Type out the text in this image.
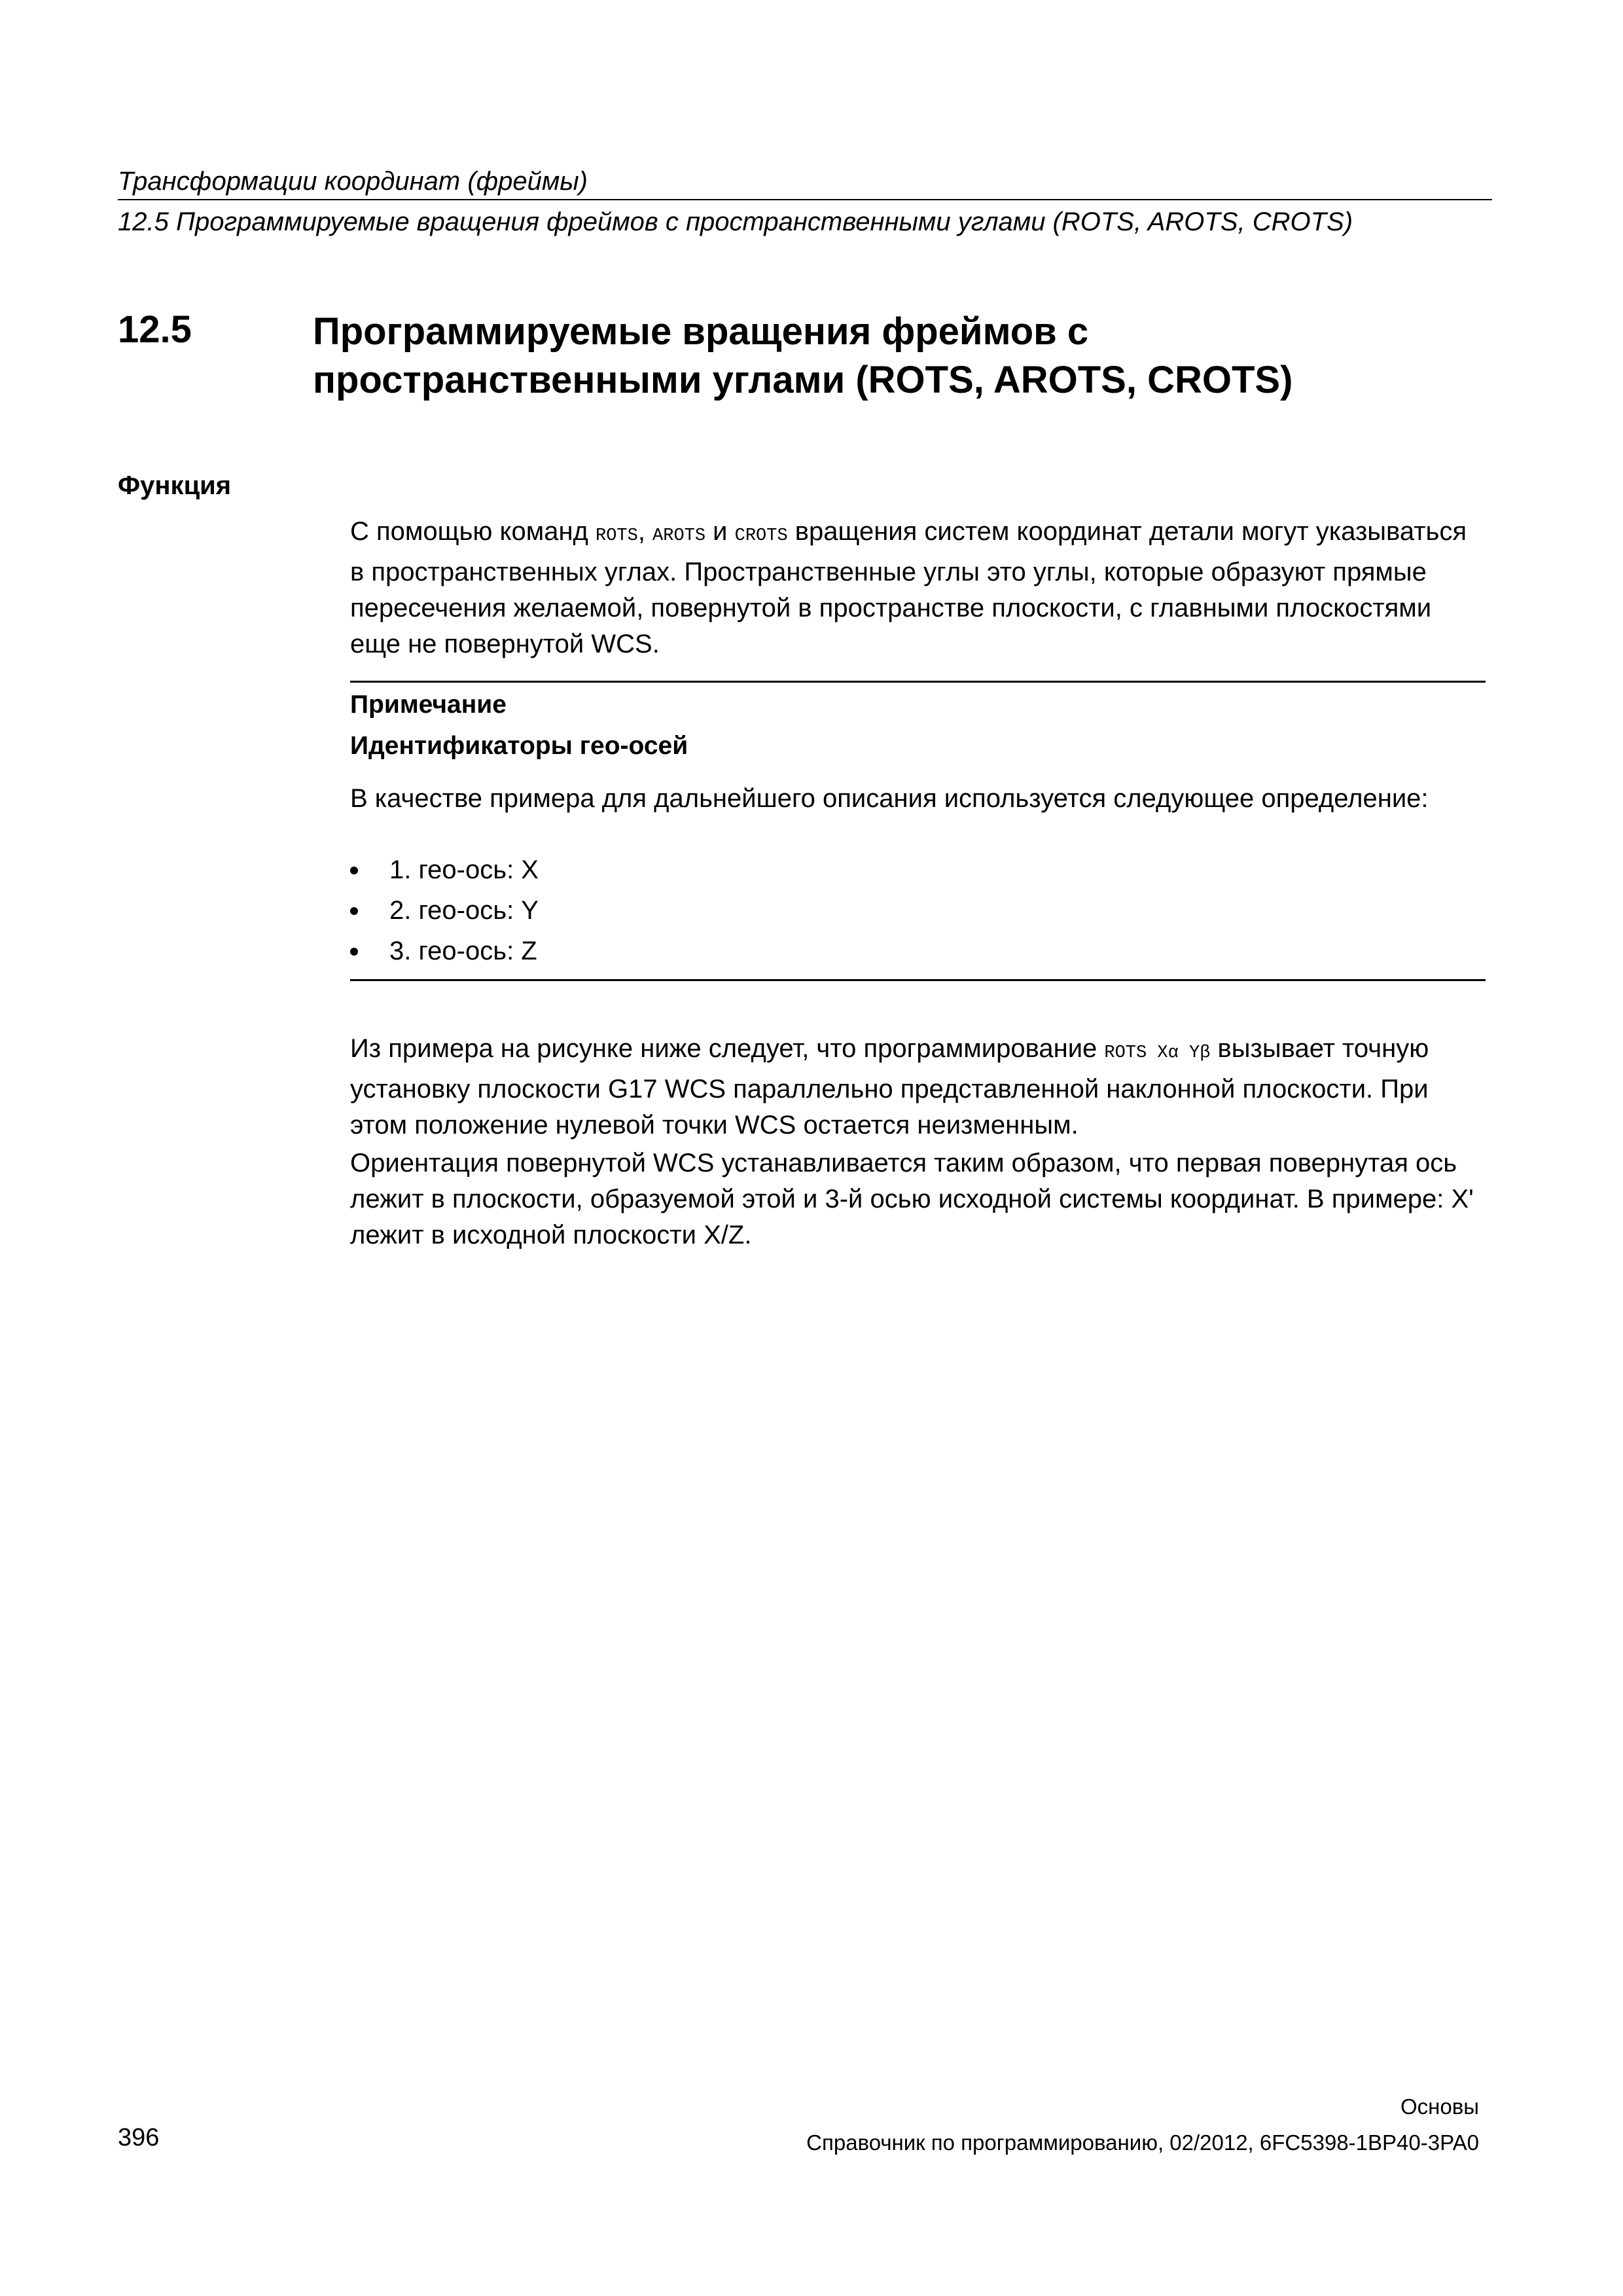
Трансформации координат (фреймы)
12.5 Программируемые вращения фреймов с пространственными углами (ROTS, AROTS, CROTS)
12.5	Программируемые вращения фреймов с пространственными углами (ROTS, AROTS, CROTS)
Функция
С помощью команд ROTS, AROTS и CROTS вращения систем координат детали могут указываться в пространственных углах. Пространственные углы это углы, которые образуют прямые пересечения желаемой, повернутой в пространстве плоскости, с главными плоскостями еще не повернутой WCS.
Примечание
Идентификаторы гео-осей
В качестве примера для дальнейшего описания используется следующее определение:
1. гео-ось: X
2. гео-ось: Y
3. гео-ось: Z
Из примера на рисунке ниже следует, что программирование ROTS Xα Yβ вызывает точную установку плоскости G17 WCS параллельно представленной наклонной плоскости. При этом положение нулевой точки WCS остается неизменным.
Ориентация повернутой WCS устанавливается таким образом, что первая повернутая ось лежит в плоскости, образуемой этой и 3-й осью исходной системы координат. В примере: X' лежит в исходной плоскости X/Z.
Основы
396	Справочник по программированию, 02/2012, 6FC5398-1BP40-3PA0
